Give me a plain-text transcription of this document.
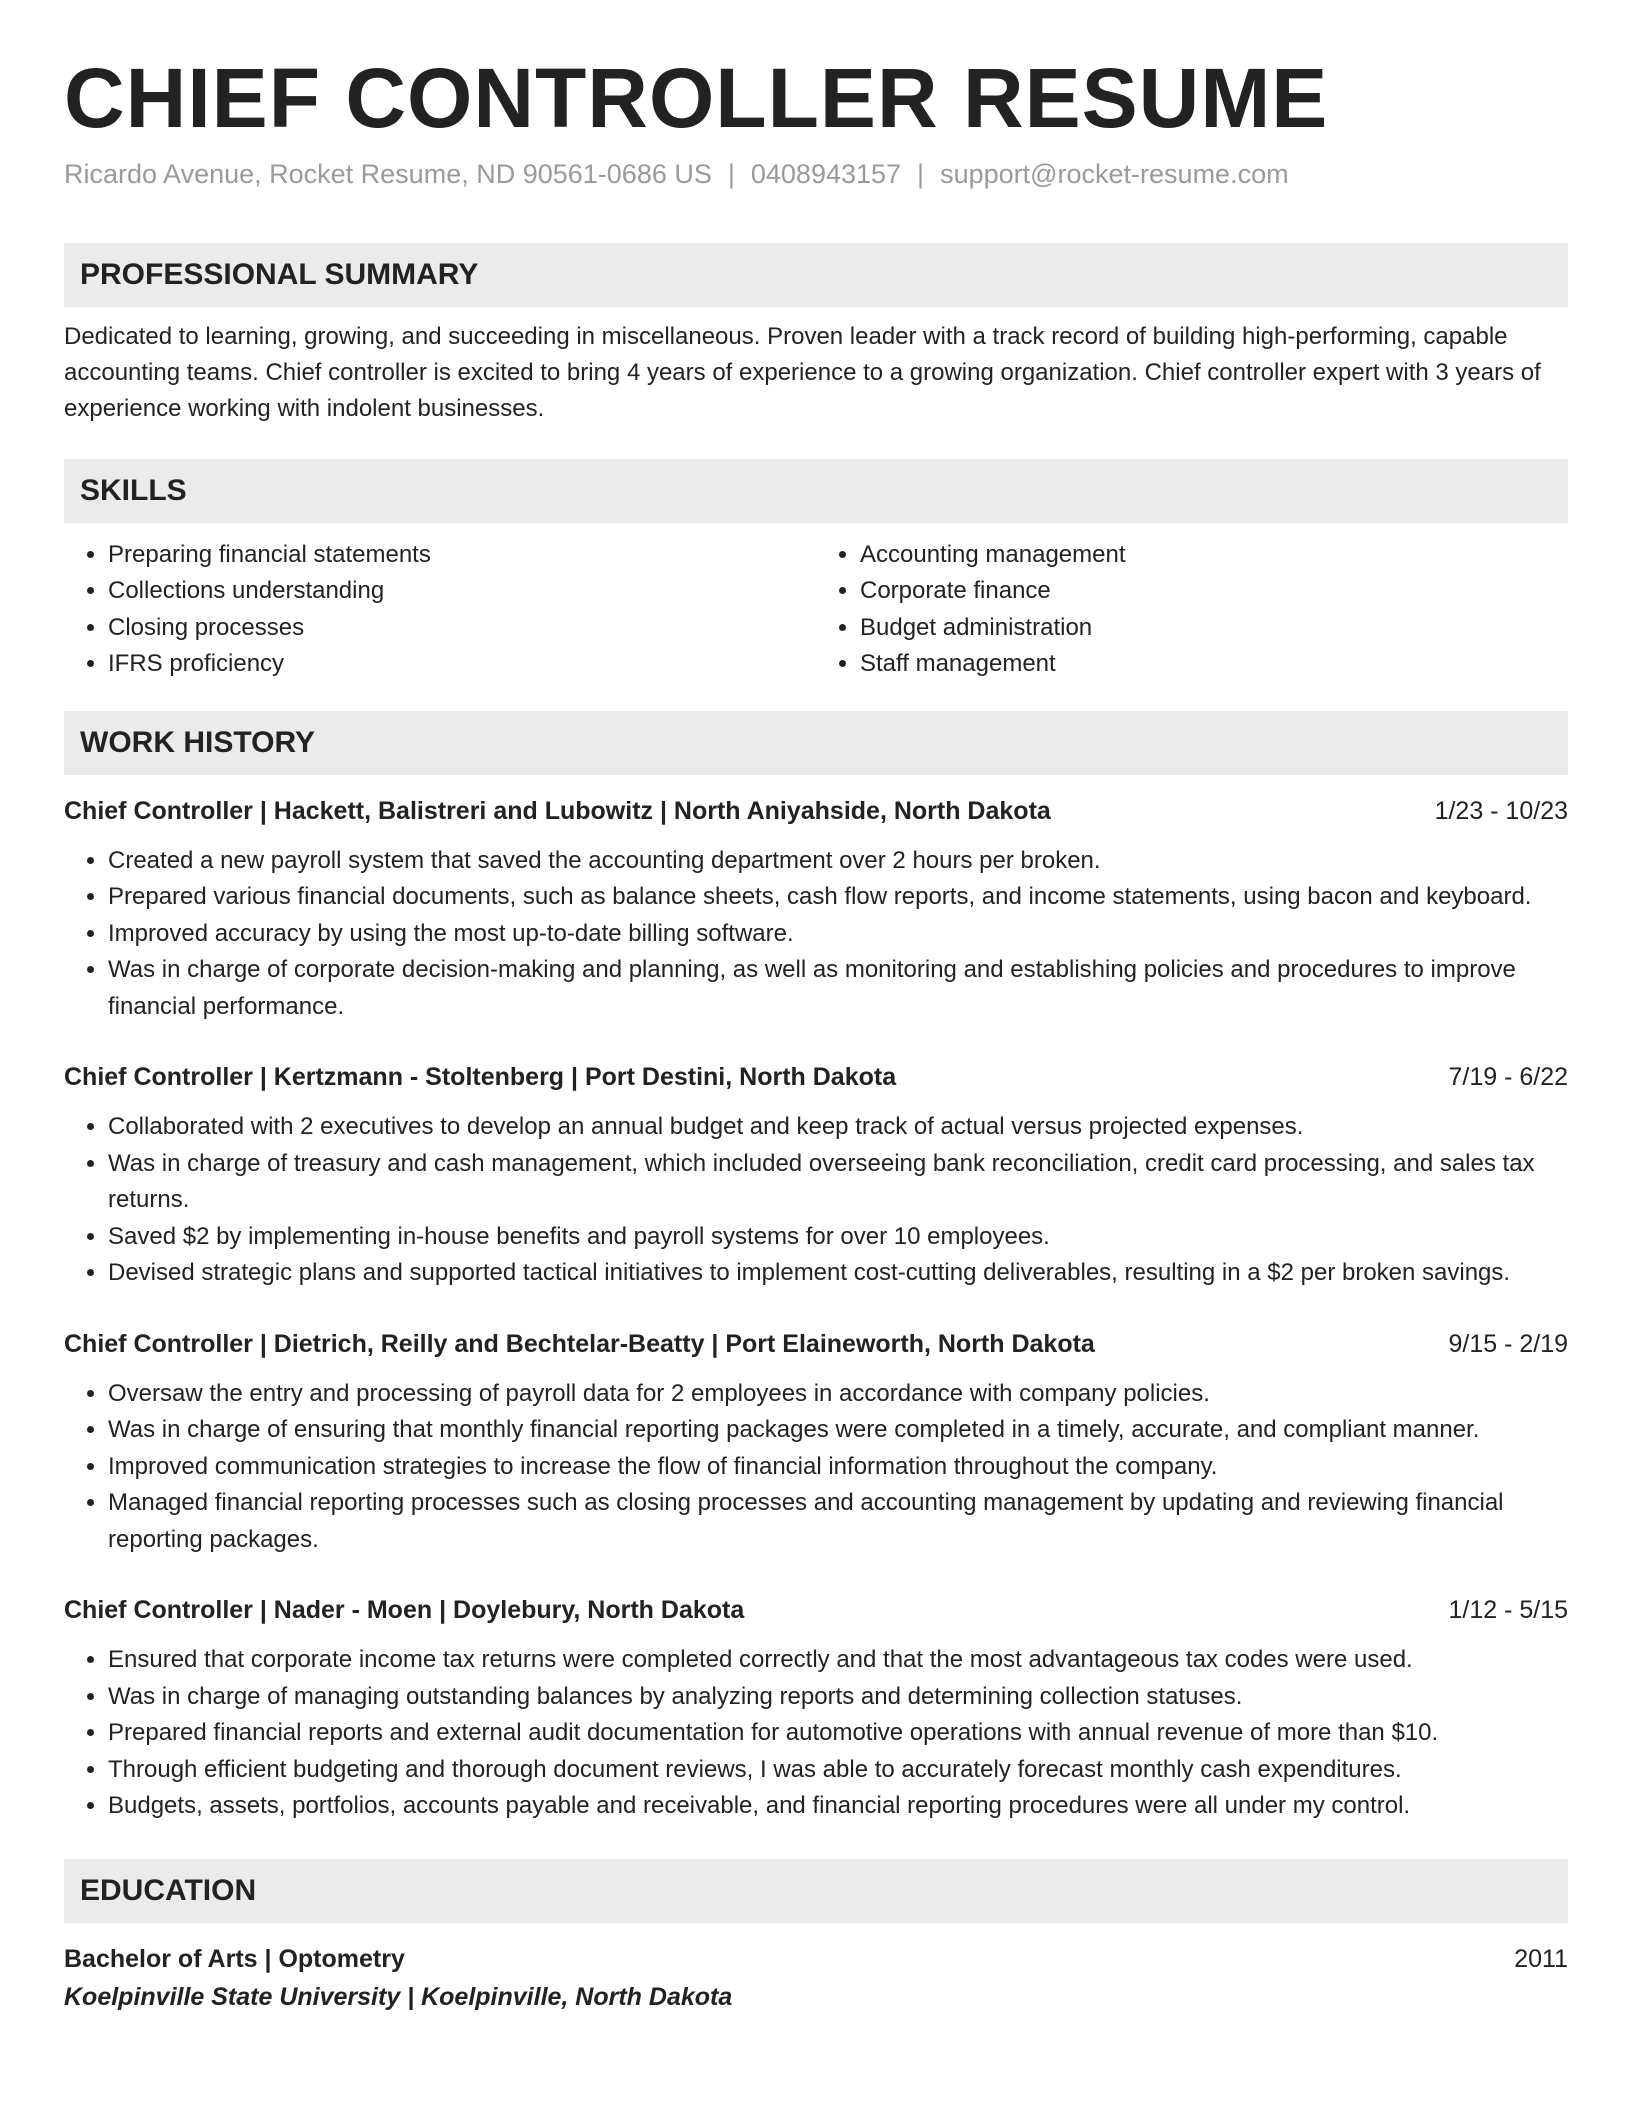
CHIEF CONTROLLER RESUME
Ricardo Avenue, Rocket Resume, ND 90561-0686 US | 0408943157 | support@rocket-resume.com
PROFESSIONAL SUMMARY
Dedicated to learning, growing, and succeeding in miscellaneous. Proven leader with a track record of building high-performing, capable accounting teams. Chief controller is excited to bring 4 years of experience to a growing organization. Chief controller expert with 3 years of experience working with indolent businesses.
SKILLS
• Preparing financial statements
• Collections understanding
• Closing processes
• IFRS proficiency
• Accounting management
• Corporate finance
• Budget administration
• Staff management
WORK HISTORY
Chief Controller | Hackett, Balistreri and Lubowitz | North Aniyahside, North Dakota	1/23 - 10/23
• Created a new payroll system that saved the accounting department over 2 hours per broken.
• Prepared various financial documents, such as balance sheets, cash flow reports, and income statements, using bacon and keyboard.
• Improved accuracy by using the most up-to-date billing software.
• Was in charge of corporate decision-making and planning, as well as monitoring and establishing policies and procedures to improve financial performance.
Chief Controller | Kertzmann - Stoltenberg | Port Destini, North Dakota	7/19 - 6/22
• Collaborated with 2 executives to develop an annual budget and keep track of actual versus projected expenses.
• Was in charge of treasury and cash management, which included overseeing bank reconciliation, credit card processing, and sales tax returns.
• Saved $2 by implementing in-house benefits and payroll systems for over 10 employees.
• Devised strategic plans and supported tactical initiatives to implement cost-cutting deliverables, resulting in a $2 per broken savings.
Chief Controller | Dietrich, Reilly and Bechtelar-Beatty | Port Elaineworth, North Dakota	9/15 - 2/19
• Oversaw the entry and processing of payroll data for 2 employees in accordance with company policies.
• Was in charge of ensuring that monthly financial reporting packages were completed in a timely, accurate, and compliant manner.
• Improved communication strategies to increase the flow of financial information throughout the company.
• Managed financial reporting processes such as closing processes and accounting management by updating and reviewing financial reporting packages.
Chief Controller | Nader - Moen | Doylebury, North Dakota	1/12 - 5/15
• Ensured that corporate income tax returns were completed correctly and that the most advantageous tax codes were used.
• Was in charge of managing outstanding balances by analyzing reports and determining collection statuses.
• Prepared financial reports and external audit documentation for automotive operations with annual revenue of more than $10.
• Through efficient budgeting and thorough document reviews, I was able to accurately forecast monthly cash expenditures.
• Budgets, assets, portfolios, accounts payable and receivable, and financial reporting procedures were all under my control.
EDUCATION
Bachelor of Arts | Optometry	2011
Koelpinville State University | Koelpinville, North Dakota
